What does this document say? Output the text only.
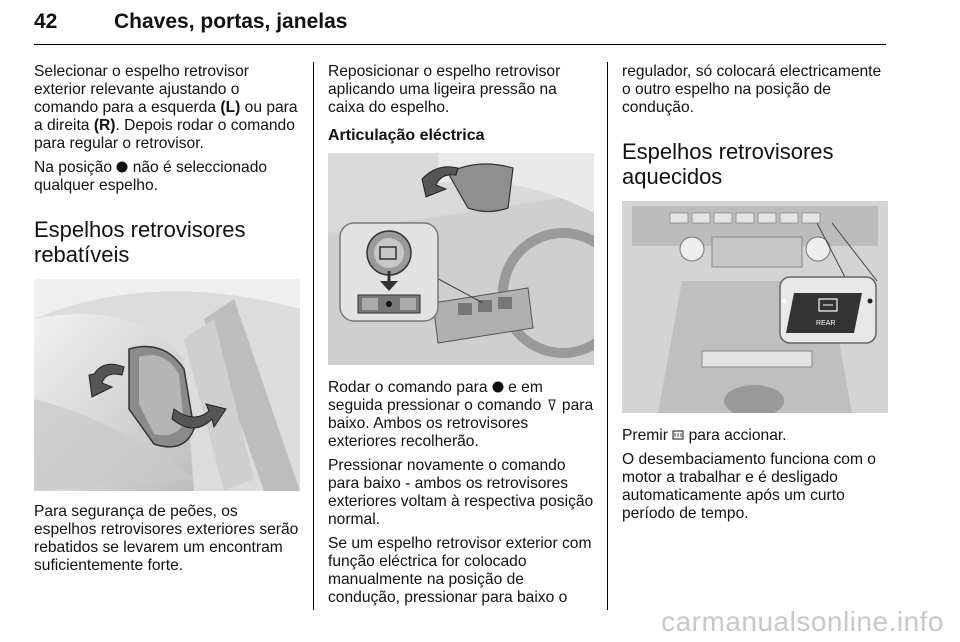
42	Chaves, portas, janelas

Selecionar o espelho retrovisor exterior relevante ajustando o comando para a esquerda (L) ou para a direita (R). Depois rodar o comando para regular o retrovisor.

Na posição  não é seleccionado qualquer espelho.

Espelhos retrovisores rebatíveis

Para segurança de peões, os espelhos retrovisores exteriores serão rebatidos se levarem um encontram suficientemente forte.

Reposicionar o espelho retrovisor aplicando uma ligeira pressão na caixa do espelho.

Articulação eléctrica

Rodar o comando para  e em seguida pressionar o comando  para baixo. Ambos os retrovisores exteriores recolherão.

Pressionar novamente o comando para baixo - ambos os retrovisores exteriores voltam à respectiva posição normal.

Se um espelho retrovisor exterior com função eléctrica for colocado manualmente na posição de condução, pressionar para baixo o

regulador, só colocará electricamente o outro espelho na posição de condução.

Espelhos retrovisores aquecidos
REAR

Premir  para accionar.

O desembaciamento funciona com o motor a trabalhar e é desligado automaticamente após um curto período de tempo.

carmanualsonline.info
